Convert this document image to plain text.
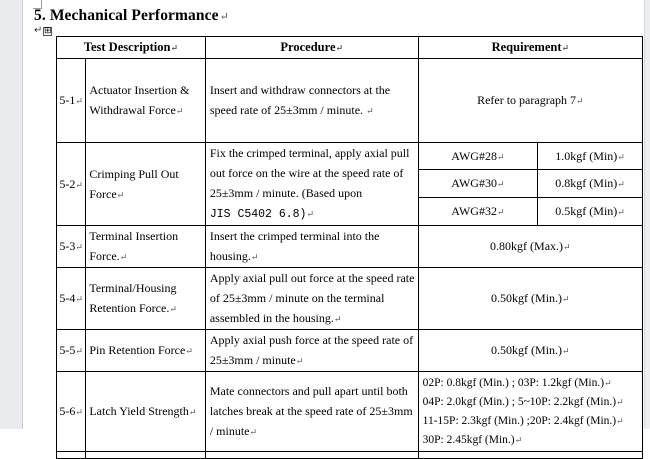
5. Mechanical Performance↵
↵ ⊞
Test Description↵		Procedure↵	Requirement↵	
5-1↵	Actuator Insertion & Withdrawal Force↵	Insert and withdraw connectors at the speed rate of 25±3mm / minute. ↵	Refer to paragraph 7↵	
5-2↵	Crimping Pull Out Force↵	Fix the crimped terminal, apply axial pull out force on the wire at the speed rate of 25±3mm / minute. (Based upon
JIS C5402 6.8)↵	AWG#28↵	1.0kgf (Min)↵
			AWG#30↵	0.8kgf (Min)↵
			AWG#32↵	0.5kgf (Min)↵
5-3↵	Terminal Insertion Force.↵	Insert the crimped terminal into the housing.↵	0.80kgf (Max.)↵	
5-4↵	Terminal/Housing Retention Force.↵	Apply axial pull out force at the speed rate of 25±3mm / minute on the terminal assembled in the housing.↵	0.50kgf (Min.)↵	
5-5↵	Pin Retention Force↵	Apply axial push force at the speed rate of 25±3mm / minute↵	0.50kgf (Min.)↵	
5-6↵	Latch Yield Strength↵	Mate connectors and pull apart until both latches break at the speed rate of 25±3mm / minute↵	02P: 0.8kgf (Min.) ; 03P: 1.2kgf (Min.)↵
04P: 2.0kgf (Min.) ; 5~10P: 2.2kgf (Min.)↵
11-15P: 2.3kgf (Min.) ;20P: 2.4kgf (Min.)↵
30P: 2.45kgf (Min.)↵	
